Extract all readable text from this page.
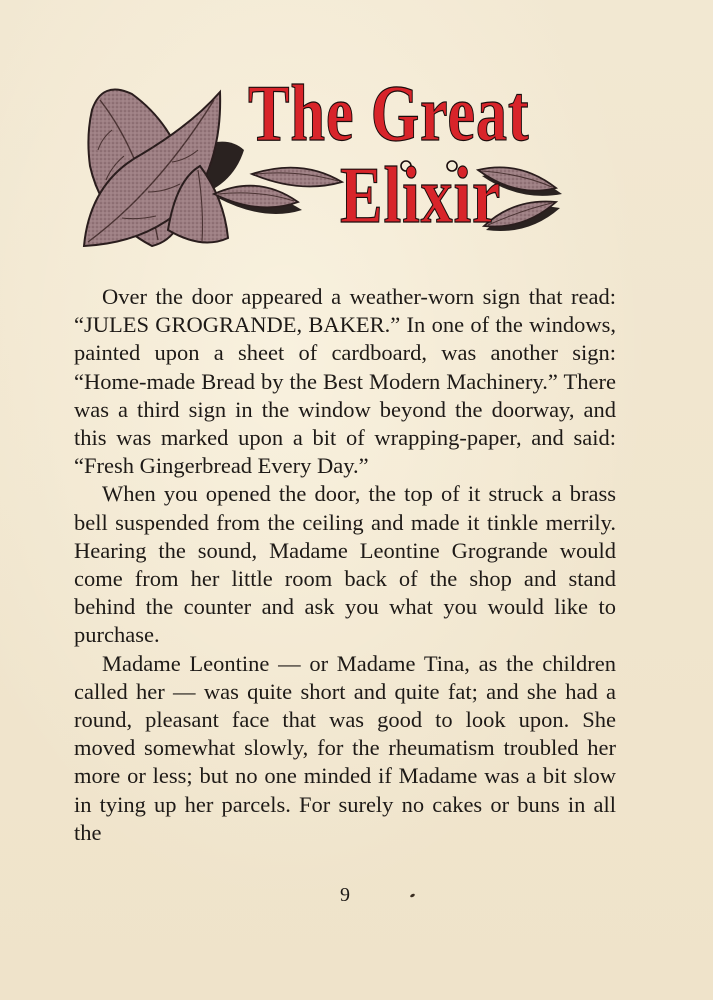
The Great
Elixir

Over the door appeared a weather-worn sign that read: “JULES GROGRANDE, BAKER.” In one of the windows, painted upon a sheet of cardboard, was another sign: “Home-made Bread by the Best Modern Machinery.” There was a third sign in the window beyond the doorway, and this was marked upon a bit of wrapping-paper, and said: “Fresh Gingerbread Every Day.”

When you opened the door, the top of it struck a brass bell suspended from the ceiling and made it tinkle merrily. Hearing the sound, Madame Leontine Grogrande would come from her little room back of the shop and stand behind the counter and ask you what you would like to purchase.

Madame Leontine — or Madame Tina, as the children called her — was quite short and quite fat; and she had a round, pleasant face that was good to look upon. She moved somewhat slowly, for the rheumatism troubled her more or less; but no one minded if Madame was a bit slow in tying up her parcels. For surely no cakes or buns in all the

9
